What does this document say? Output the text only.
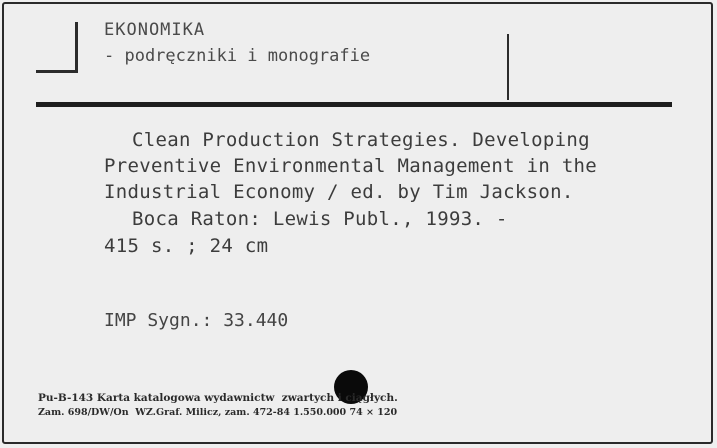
EKONOMIKA
- podręczniki i monografie
Clean Production Strategies. Developing
Preventive Environmental Management in the
Industrial Economy / ed. by Tim Jackson.
Boca Raton: Lewis Publ., 1993. -
415 s. ; 24 cm
IMP Sygn.: 33.440
Pu-B-143 Karta katalogowa wydawnictw  zwartych i ciągłych.
Zam. 698/DW/On  WZ.Graf. Milicz, zam. 472-84 1.550.000 74 × 120
